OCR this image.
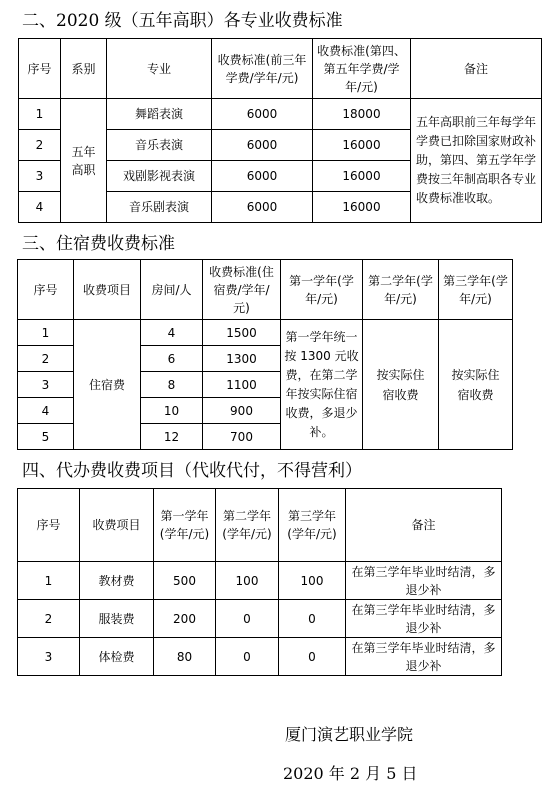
二、2020 级（五年高职）各专业收费标准
序号	系别	专业	收费标准(前三年学费/学年/元)	收费标准(第四、第五年学费/学年/元)	备注
1	五年高职	舞蹈表演	6000	18000	五年高职前三年每学年学费已扣除国家财政补助，第四、第五学年学费按三年制高职各专业收费标准收取。
2		音乐表演	6000	16000	
3		戏剧影视表演	6000	16000	
4		音乐剧表演	6000	16000	
三、住宿费收费标准
序号	收费项目	房间/人	收费标准(住宿费/学年/元)	第一学年(学年/元)	第二学年(学年/元)	第三学年(学年/元)
1	住宿费	4	1500	第一学年统一按 1300 元收费，在第二学年按实际住宿收费，多退少补。	按实际住宿收费	按实际住宿收费
2		6	1300			
3		8	1100			
4		10	900			
5		12	700			
四、代办费收费项目（代收代付，不得营利）
序号	收费项目	第一学年(学年/元)	第二学年(学年/元)	第三学年(学年/元)	备注
1	教材费	500	100	100	在第三学年毕业时结清，多退少补
2	服装费	200	0	0	在第三学年毕业时结清，多退少补
3	体检费	80	0	0	在第三学年毕业时结清，多退少补
厦门演艺职业学院
2020 年 2 月 5 日
